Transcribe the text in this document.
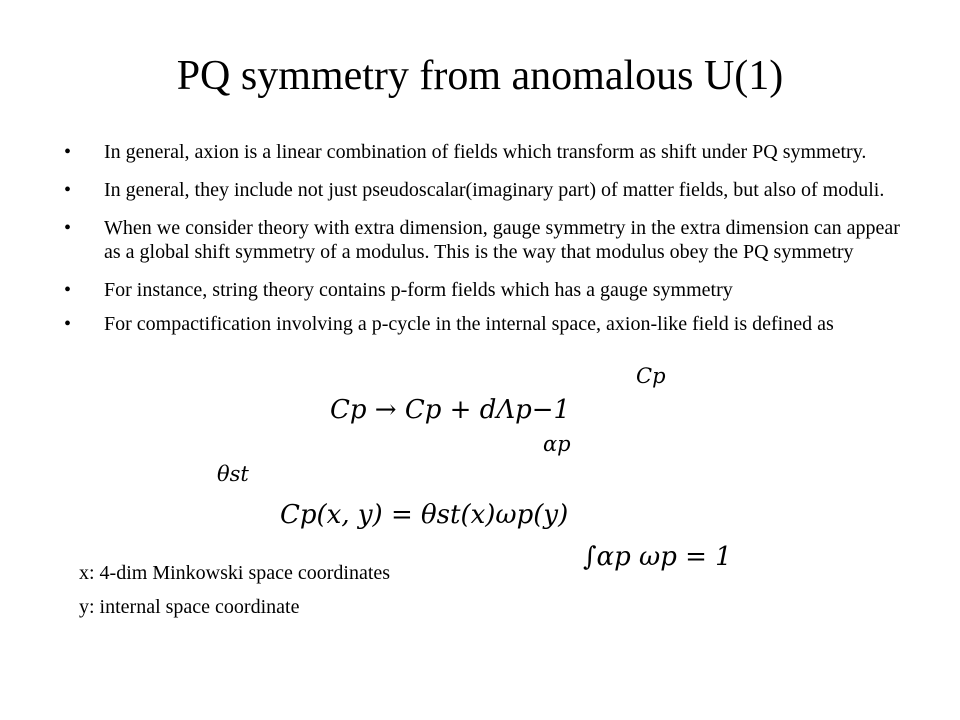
PQ symmetry from anomalous U(1)
• In general, axion is a linear combination of fields which transform as shift under PQ symmetry.
• In general, they include not just pseudoscalar(imaginary part) of matter fields, but also of moduli.
• When we consider theory with extra dimension, gauge symmetry in the extra dimension can appear as a global shift symmetry of a modulus. This is the way that modulus obey the PQ symmetry
• For instance, string theory contains p-form fields which has a gauge symmetry
• For compactification involving a p-cycle in the internal space, axion-like field is defined as
Cp
Cp → Cp + dΛp−1
αp
θst
Cp(x, y) = θst(x)ωp(y)
∫αp ωp = 1
x: 4-dim Minkowski space coordinates
y: internal space coordinate
